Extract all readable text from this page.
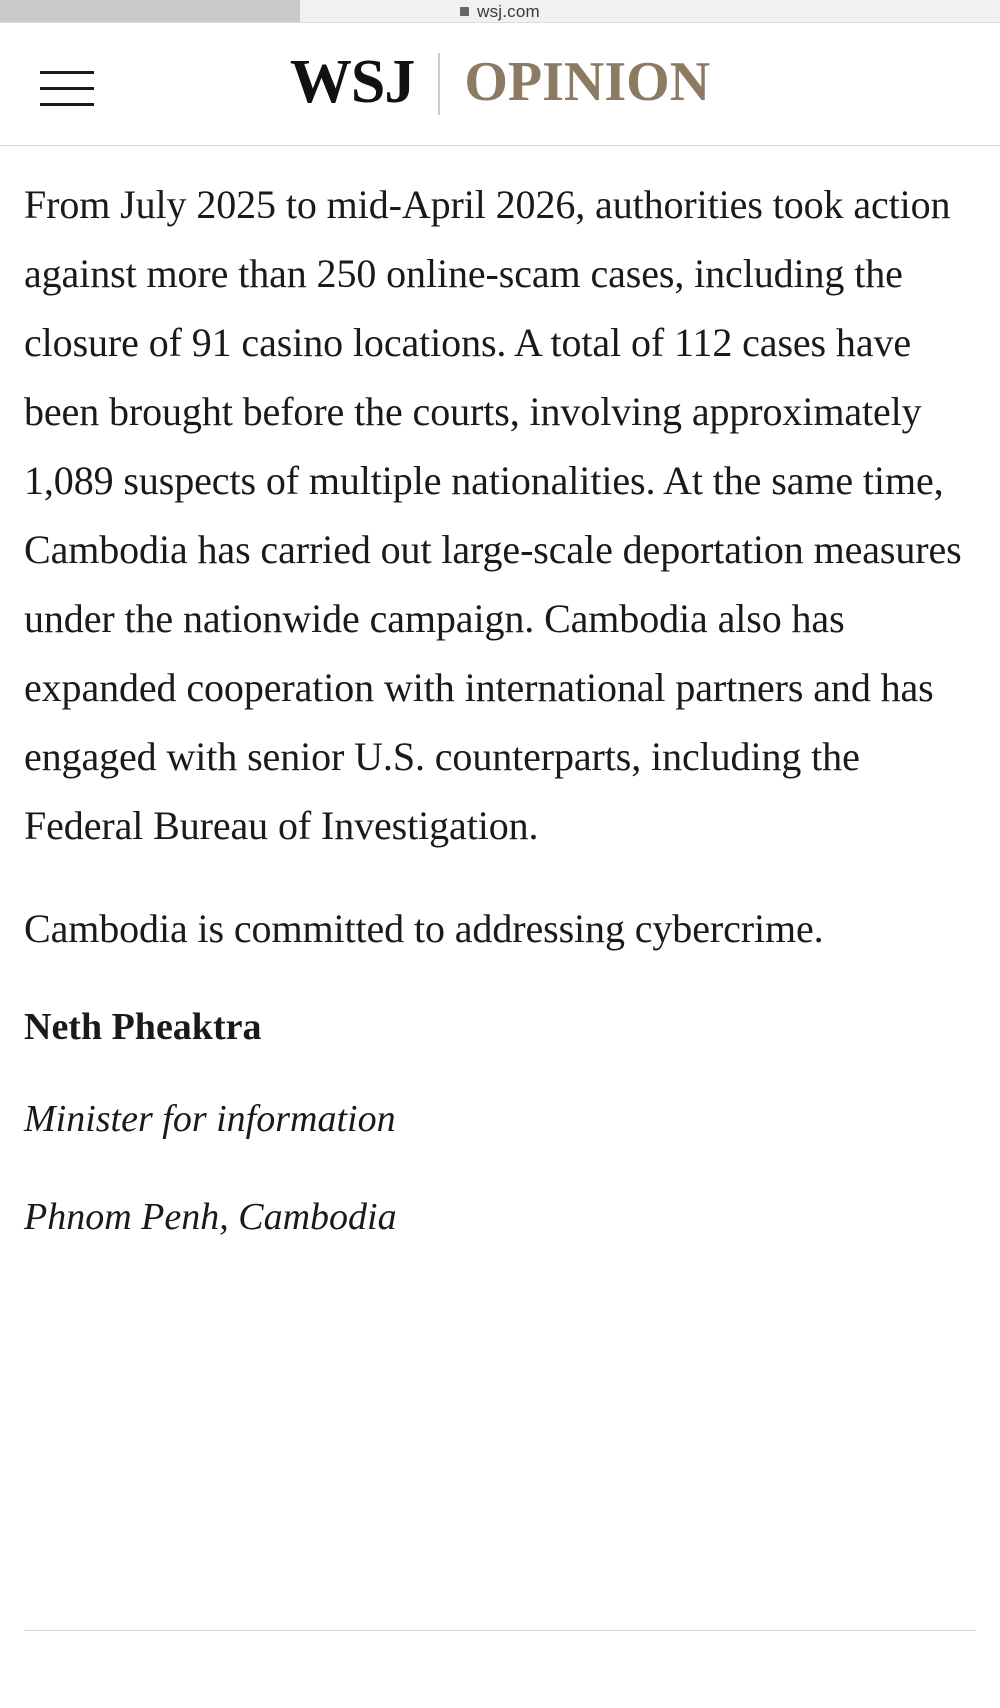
wsj.com
WSJ OPINION

From July 2025 to mid-April 2026, authorities took action against more than 250 online-scam cases, including the closure of 91 casino locations. A total of 112 cases have been brought before the courts, involving approximately 1,089 suspects of multiple nationalities. At the same time, Cambodia has carried out large-scale deportation measures under the nationwide campaign. Cambodia also has expanded cooperation with international partners and has engaged with senior U.S. counterparts, including the Federal Bureau of Investigation.

Cambodia is committed to addressing cybercrime.

Neth Pheaktra

Minister for information

Phnom Penh, Cambodia
